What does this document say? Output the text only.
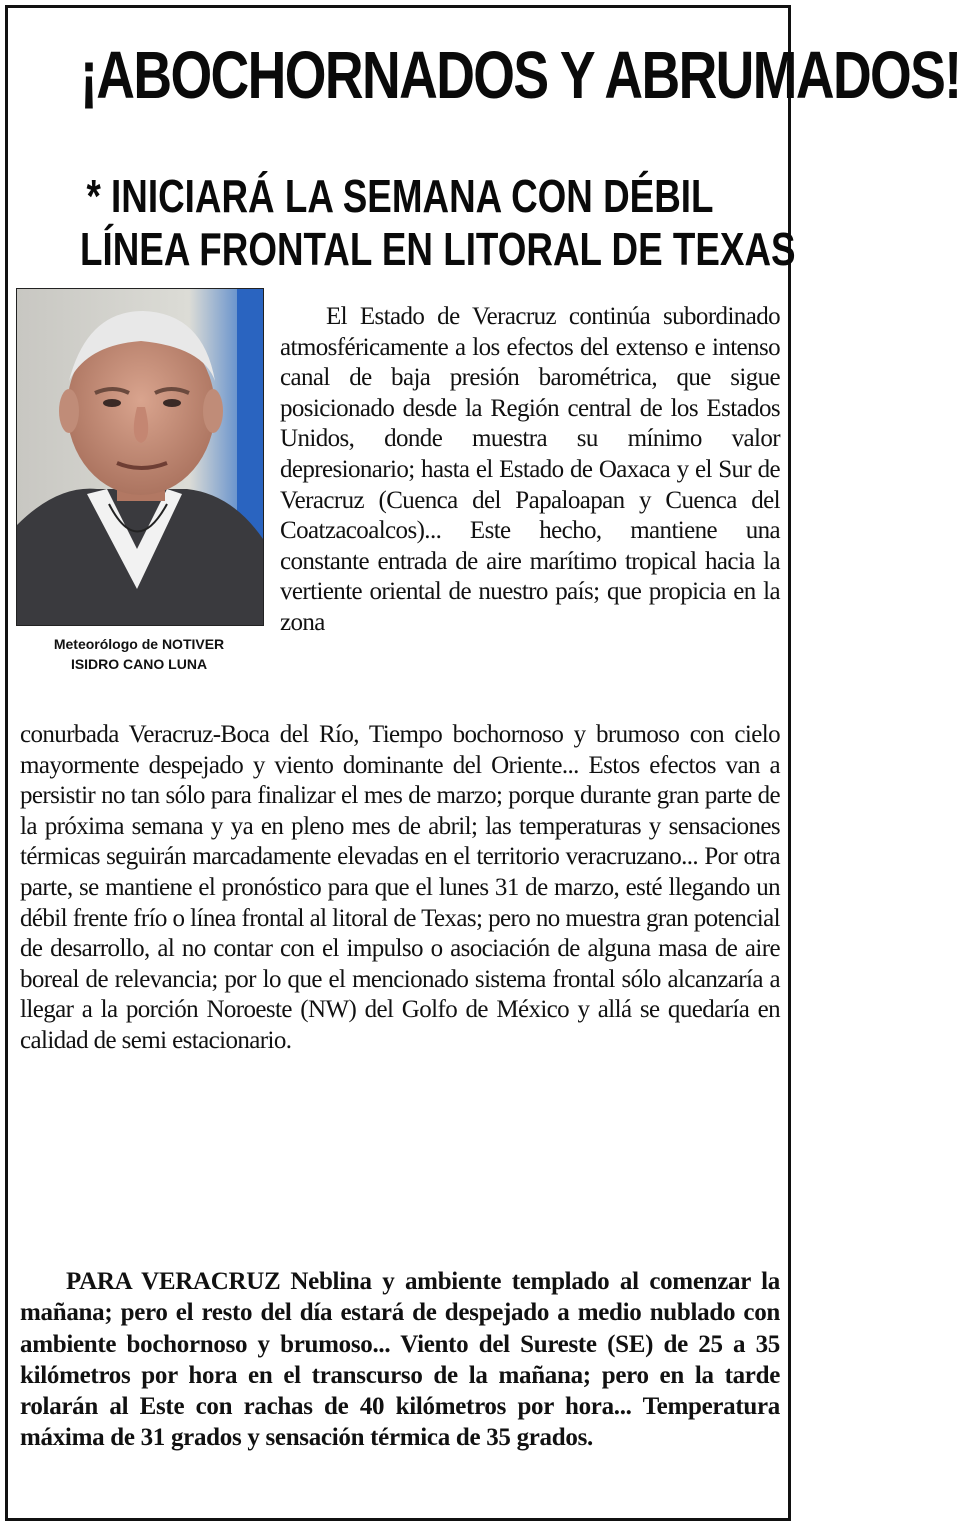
¡ABOCHORNADOS Y ABRUMADOS!
* INICIARÁ LA SEMANA CON DÉBIL
LÍNEA FRONTAL EN LITORAL DE TEXAS
Meteorólogo de NOTIVER
ISIDRO CANO LUNA
El Estado de Veracruz continúa subordinado atmosféricamente a los efectos del extenso e intenso canal de baja presión barométrica, que sigue posicionado desde la Región central de los Estados Unidos, donde muestra su mínimo valor depresionario; hasta el Estado de Oaxaca y el Sur de Veracruz (Cuenca del Papaloapan y Cuenca del Coatzacoalcos)... Este hecho, mantiene una constante entrada de aire marítimo tropical hacia la vertiente oriental de nuestro país; que propicia en la zona
conurbada Veracruz-Boca del Río, Tiempo bochornoso y brumoso con cielo mayormente despejado y viento dominante del Oriente... Estos efectos van a persistir no tan sólo para finalizar el mes de marzo; porque durante gran parte de la próxima semana y ya en pleno mes de abril; las temperaturas y sensaciones térmicas seguirán marcadamente elevadas en el territorio veracruzano... Por otra parte, se mantiene el pronóstico para que el lunes 31 de marzo, esté llegando un débil frente frío o línea frontal al litoral de Texas; pero no muestra gran potencial de desarrollo, al no contar con el impulso o asociación de alguna masa de aire boreal de relevancia; por lo que el mencionado sistema frontal sólo alcanzaría a llegar a la porción Noroeste (NW) del Golfo de México y allá se quedaría en calidad de semi estacionario.
PARA VERACRUZ Neblina y ambiente templado al comenzar la mañana; pero el resto del día estará de despejado a medio nublado con ambiente bochornoso y brumoso... Viento del Sureste (SE) de 25 a 35 kilómetros por hora en el transcurso de la mañana; pero en la tarde rolarán al Este con rachas de 40 kilómetros por hora... Temperatura máxima de 31 grados y sensación térmica de 35 grados.
